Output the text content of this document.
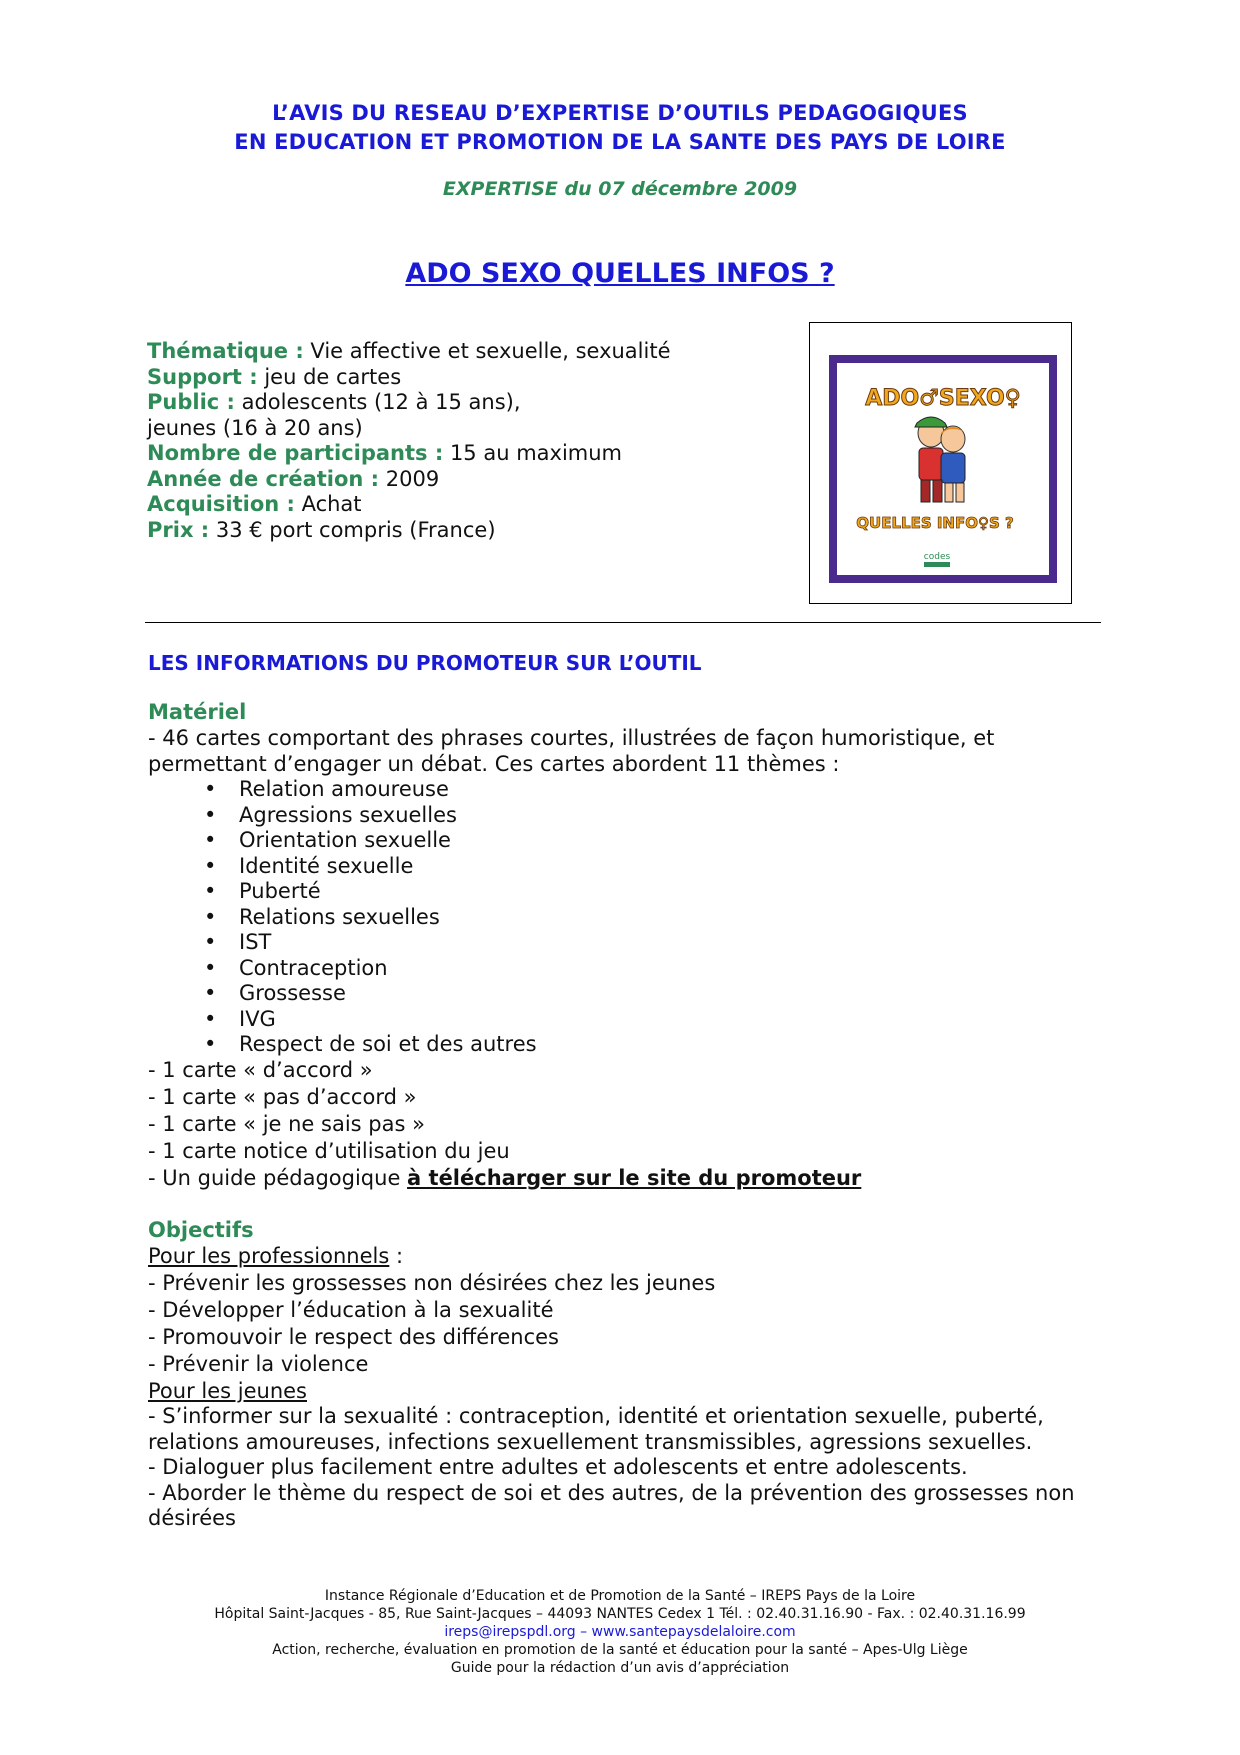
L’AVIS DU RESEAU D’EXPERTISE D’OUTILS PEDAGOGIQUES
EN EDUCATION ET PROMOTION DE LA SANTE DES PAYS DE LOIRE
EXPERTISE du 07 décembre 2009
ADO SEXO QUELLES INFOS ?
Thématique : Vie affective et sexuelle, sexualité
Support : jeu de cartes
Public : adolescents (12 à 15 ans),
jeunes (16 à 20 ans)
Nombre de participants : 15 au maximum
Année de création : 2009
Acquisition : Achat
Prix : 33 € port compris (France)
ADO♂SEXO♀
QUELLES INFO♀S ?
codes
LES INFORMATIONS DU PROMOTEUR SUR L’OUTIL
Matériel
- 46 cartes comportant des phrases courtes, illustrées de façon humoristique, et
permettant d’engager un débat. Ces cartes abordent 11 thèmes :
• Relation amoureuse
• Agressions sexuelles
• Orientation sexuelle
• Identité sexuelle
• Puberté
• Relations sexuelles
• IST
• Contraception
• Grossesse
• IVG
• Respect de soi et des autres
- 1 carte « d’accord »
- 1 carte « pas d’accord »
- 1 carte « je ne sais pas »
- 1 carte notice d’utilisation du jeu
- Un guide pédagogique à télécharger sur le site du promoteur
Objectifs
Pour les professionnels :
- Prévenir les grossesses non désirées chez les jeunes
- Développer l’éducation à la sexualité
- Promouvoir le respect des différences
- Prévenir la violence
Pour les jeunes
- S’informer sur la sexualité : contraception, identité et orientation sexuelle, puberté,
relations amoureuses, infections sexuellement transmissibles, agressions sexuelles.
- Dialoguer plus facilement entre adultes et adolescents et entre adolescents.
- Aborder le thème du respect de soi et des autres, de la prévention des grossesses non
désirées
Instance Régionale d’Education et de Promotion de la Santé – IREPS Pays de la Loire
Hôpital Saint-Jacques - 85, Rue Saint-Jacques – 44093 NANTES Cedex 1 Tél. : 02.40.31.16.90 - Fax. : 02.40.31.16.99
ireps@irepspdl.org – www.santepaysdelaloire.com
Action, recherche, évaluation en promotion de la santé et éducation pour la santé – Apes-Ulg Liège
Guide pour la rédaction d’un avis d’appréciation
